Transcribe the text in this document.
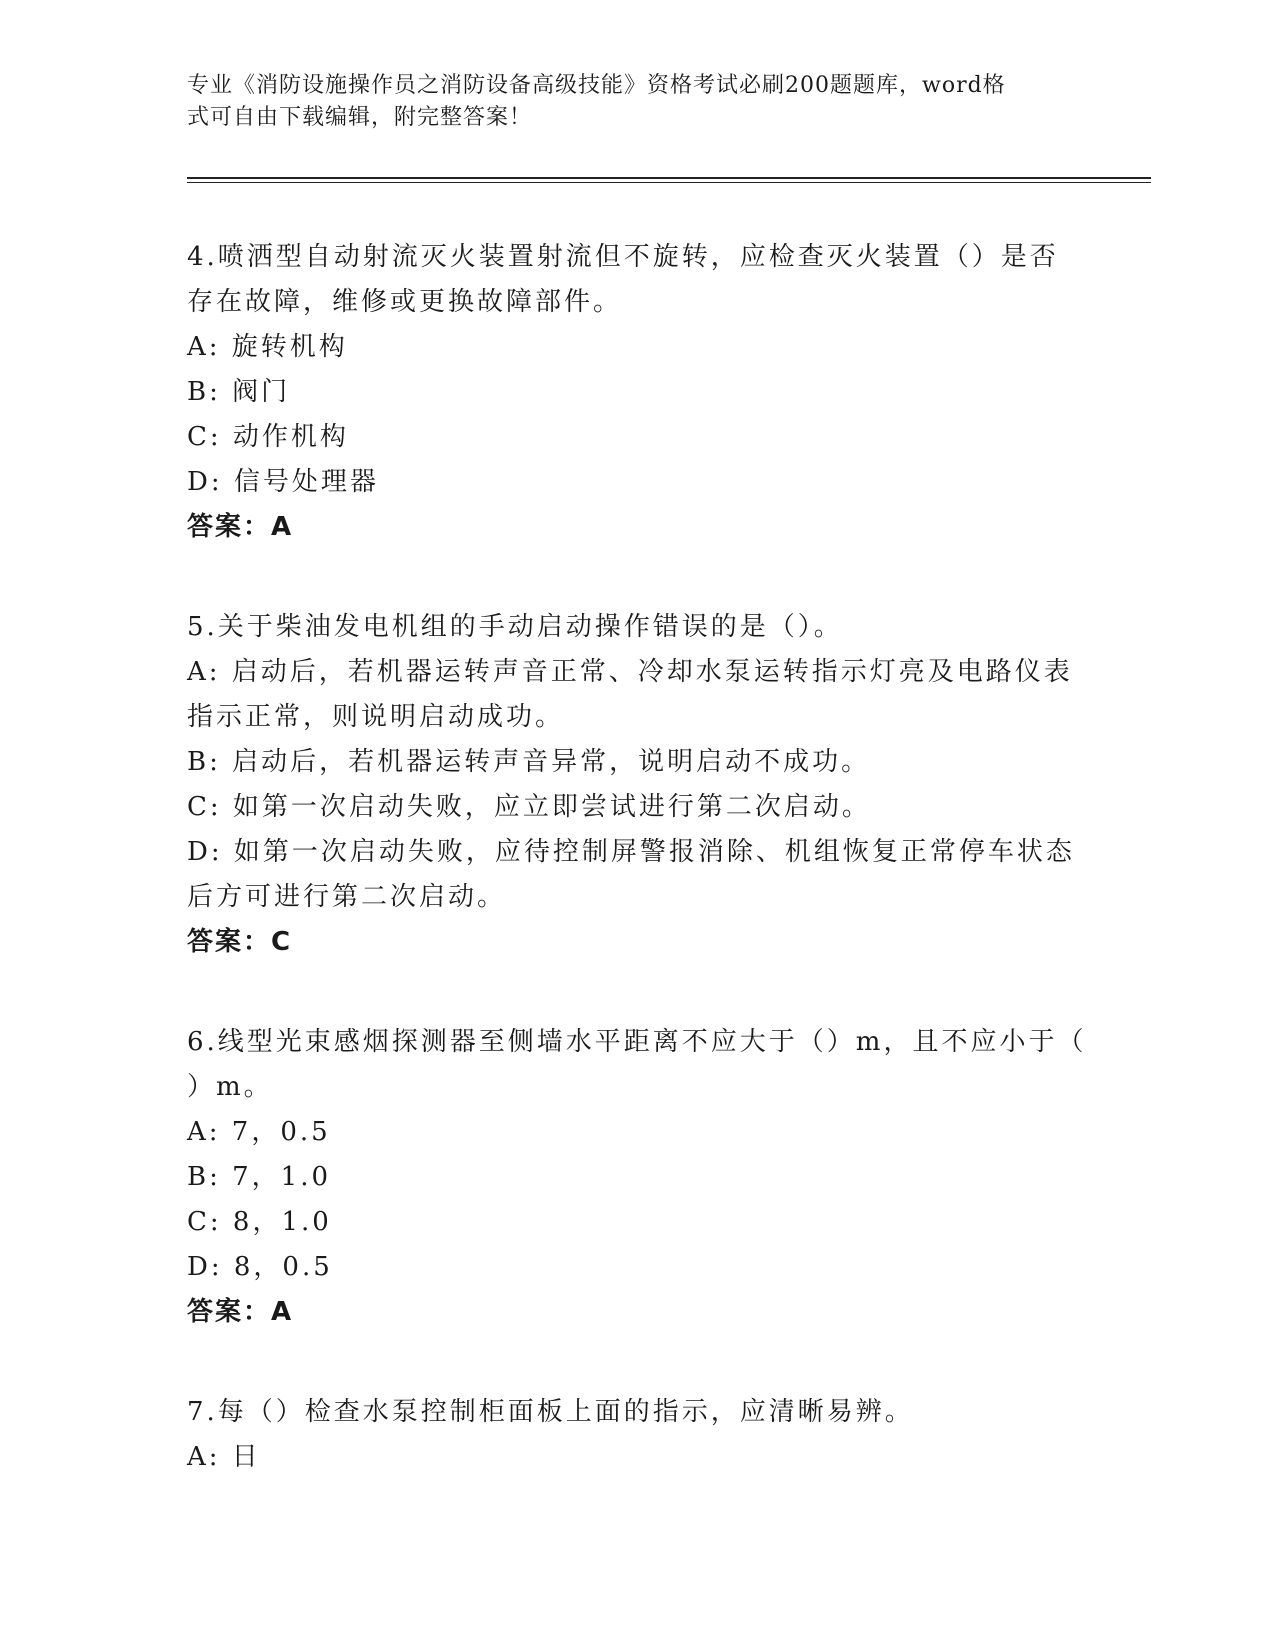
专业《消防设施操作员之消防设备高级技能》资格考试必刷200题题库，word格
式可自由下载编辑，附完整答案！
4.喷洒型自动射流灭火装置射流但不旋转，应检查灭火装置（）是否
存在故障，维修或更换故障部件。
A: 旋转机构
B: 阀门
C: 动作机构
D: 信号处理器
答案：A
5.关于柴油发电机组的手动启动操作错误的是（）。
A: 启动后，若机器运转声音正常、冷却水泵运转指示灯亮及电路仪表
指示正常，则说明启动成功。
B: 启动后，若机器运转声音异常，说明启动不成功。
C: 如第一次启动失败，应立即尝试进行第二次启动。
D: 如第一次启动失败，应待控制屏警报消除、机组恢复正常停车状态
后方可进行第二次启动。
答案：C
6.线型光束感烟探测器至侧墙水平距离不应大于（）m，且不应小于（
）m。
A: 7，0.5
B: 7，1.0
C: 8，1.0
D: 8，0.5
答案：A
7.每（）检查水泵控制柜面板上面的指示，应清晰易辨。
A: 日
